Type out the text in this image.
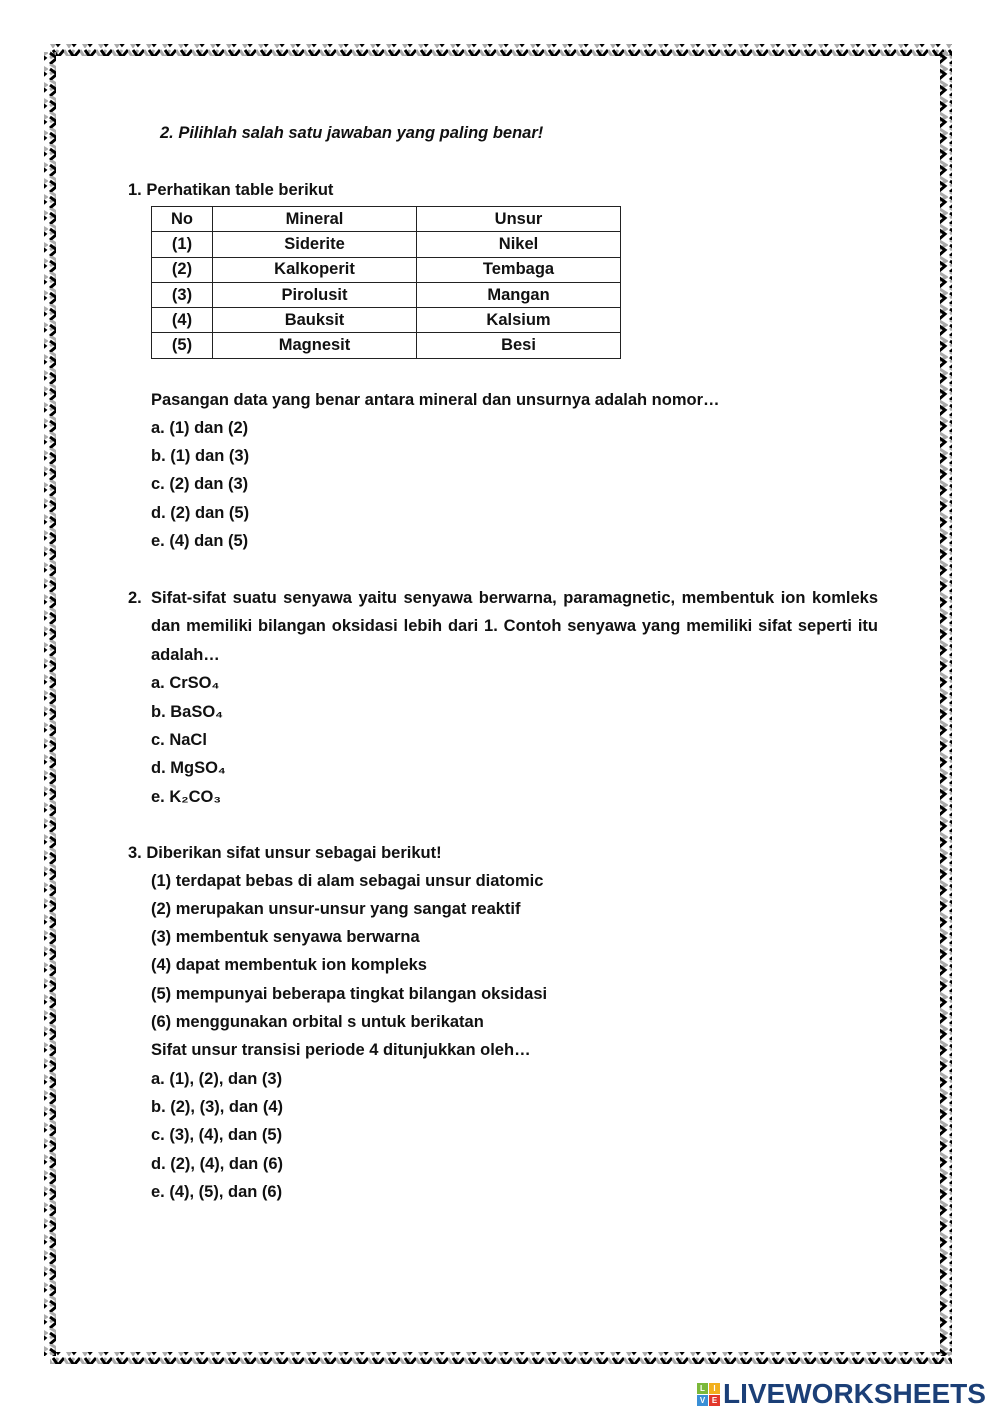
2. Pilihlah salah satu jawaban yang paling benar!
1. Perhatikan table berikut
No	Mineral	Unsur
(1)	Siderite	Nikel
(2)	Kalkoperit	Tembaga
(3)	Pirolusit	Mangan
(4)	Bauksit	Kalsium
(5)	Magnesit	Besi
Pasangan data yang benar antara mineral dan unsurnya adalah nomor…
a. (1) dan (2)
b. (1) dan (3)
c. (2) dan (3)
d. (2) dan (5)
e. (4) dan (5)
2. Sifat-sifat suatu senyawa yaitu senyawa berwarna, paramagnetic, membentuk ion komleks dan memiliki bilangan oksidasi lebih dari 1. Contoh senyawa yang memiliki sifat seperti itu adalah…
a. CrSO₄
b. BaSO₄
c. NaCl
d. MgSO₄
e. K₂CO₃
3. Diberikan sifat unsur sebagai berikut!
(1) terdapat bebas di alam sebagai unsur diatomic
(2) merupakan unsur-unsur yang sangat reaktif
(3) membentuk senyawa berwarna
(4) dapat membentuk ion kompleks
(5) mempunyai beberapa tingkat bilangan oksidasi
(6) menggunakan orbital s untuk berikatan
Sifat unsur transisi periode 4 ditunjukkan oleh…
a. (1), (2), dan (3)
b. (2), (3), dan (4)
c. (3), (4), dan (5)
d. (2), (4), dan (6)
e. (4), (5), dan (6)
L	I
V E LIVEWORKSHEETS
